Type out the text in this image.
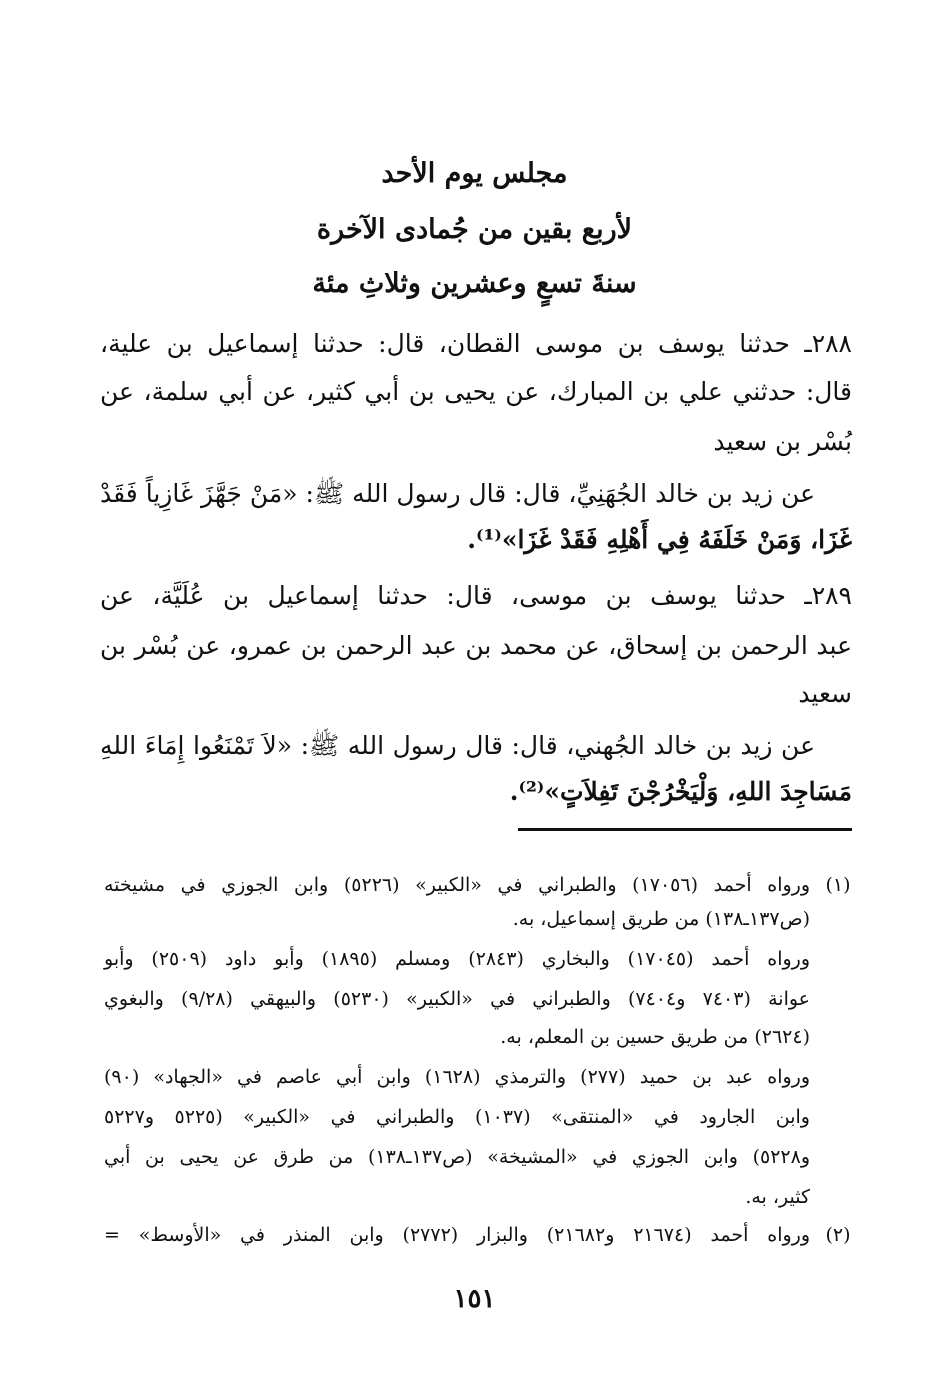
مجلس يوم الأحد
لأربع بقين من جُمادى الآخرة
سنةَ تسعٍ وعشرين وثلاثِ مئة
٢٨٨ـ حدثنا يوسف بن موسى القطان، قال: حدثنا إسماعيل بن علية،
قال: حدثني علي بن المبارك، عن يحيى بن أبي كثير، عن أبي سلمة، عن
بُسْر بن سعيد
عن زيد بن خالد الجُهَنِيِّ، قال: قال رسول الله ﷺ: «مَنْ جَهَّزَ غَازِياً فَقَدْ
غَزَا، وَمَنْ خَلَفَهُ فِي أَهْلِهِ فَقَدْ غَزَا»⁽¹⁾.
٢٨٩ـ حدثنا يوسف بن موسى، قال: حدثنا إسماعيل بن عُلَيَّة، عن
عبد الرحمن بن إسحاق، عن محمد بن عبد الرحمن بن عمرو، عن بُسْر بن
سعيد
عن زيد بن خالد الجُهني، قال: قال رسول الله ﷺ: «لاَ تَمْنَعُوا إِمَاءَ اللهِ
مَسَاجِدَ اللهِ، وَلْيَخْرُجْنَ تَفِلاَتٍ»⁽²⁾.
(١)
ورواه أحمد (١٧٠٥٦) والطبراني في «الكبير» (٥٢٢٦) وابن الجوزي في مشيخته
(ص١٣٧ـ١٣٨) من طريق إسماعيل، به.
ورواه أحمد (١٧٠٤٥) والبخاري (٢٨٤٣) ومسلم (١٨٩٥) وأبو داود (٢٥٠٩) وأبو
عوانة (٧٤٠٣ و٧٤٠٤) والطبراني في «الكبير» (٥٢٣٠) والبيهقي (٩/٢٨) والبغوي
(٢٦٢٤) من طريق حسين بن المعلم، به.
ورواه عبد بن حميد (٢٧٧) والترمذي (١٦٢٨) وابن أبي عاصم في «الجهاد» (٩٠)
وابن الجارود في «المنتقى» (١٠٣٧) والطبراني في «الكبير» (٥٢٢٥ و٥٢٢٧
و٥٢٢٨) وابن الجوزي في «المشيخة» (ص١٣٧ـ١٣٨) من طرق عن يحيى بن أبي
كثير، به.
(٢)
ورواه أحمد (٢١٦٧٤ و٢١٦٨٢) والبزار (٢٧٧٢) وابن المنذر في «الأوسط» =
١٥١
